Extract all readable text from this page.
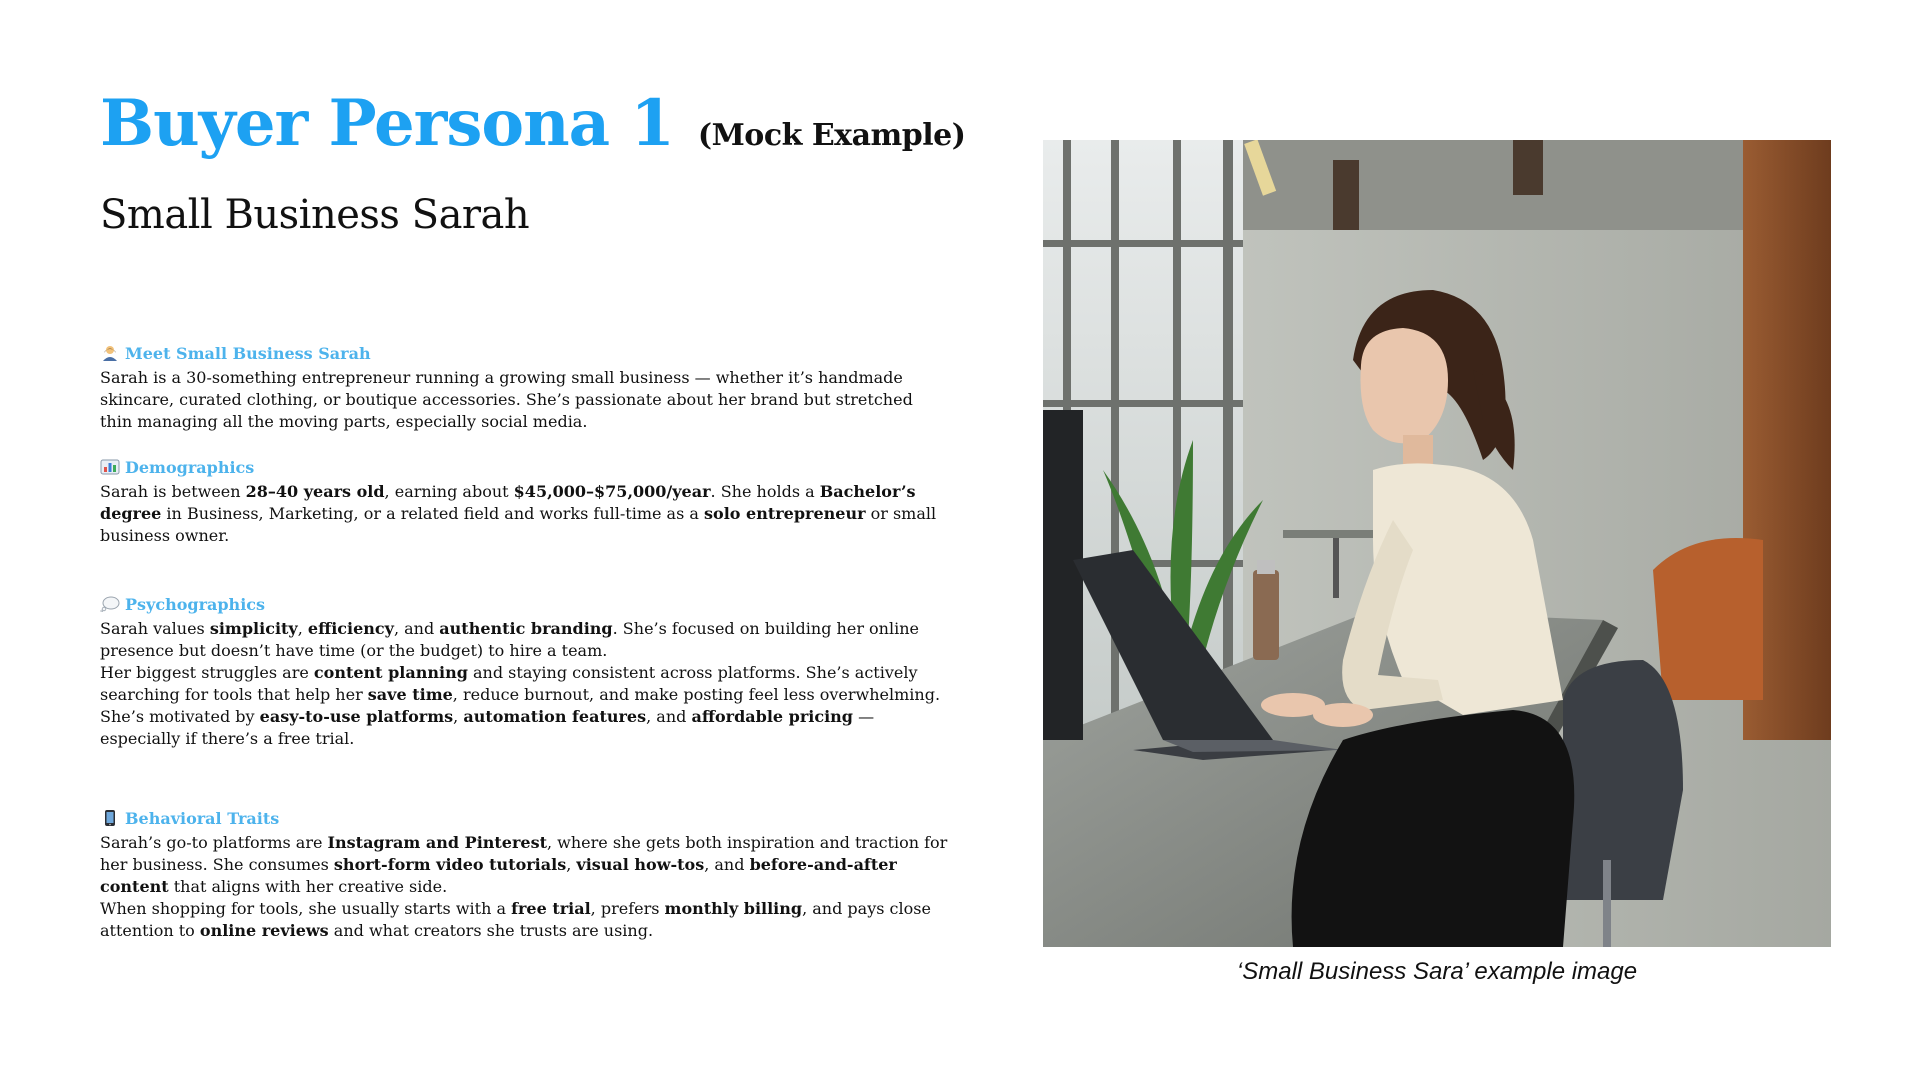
Buyer Persona 1 (Mock Example)
Small Business Sarah
Meet Small Business Sarah

Sarah is a 30-something entrepreneur running a growing small business — whether it’s handmade skincare, curated clothing, or boutique accessories. She’s passionate about her brand but stretched thin managing all the moving parts, especially social media.

Demographics

Sarah is between 28–40 years old, earning about $45,000–$75,000/year. She holds a Bachelor’s degree in Business, Marketing, or a related field and works full-time as a solo entrepreneur or small business owner.

Psychographics

Sarah values simplicity, efficiency, and authentic branding. She’s focused on building her online presence but doesn’t have time (or the budget) to hire a team.

Her biggest struggles are content planning and staying consistent across platforms. She’s actively searching for tools that help her save time, reduce burnout, and make posting feel less overwhelming.

She’s motivated by easy-to-use platforms, automation features, and affordable pricing — especially if there’s a free trial.

Behavioral Traits

Sarah’s go-to platforms are Instagram and Pinterest, where she gets both inspiration and traction for her business. She consumes short-form video tutorials, visual how-tos, and before-and-after content that aligns with her creative side.

When shopping for tools, she usually starts with a free trial, prefers monthly billing, and pays close attention to online reviews and what creators she trusts are using.

‘Small Business Sara’ example image
